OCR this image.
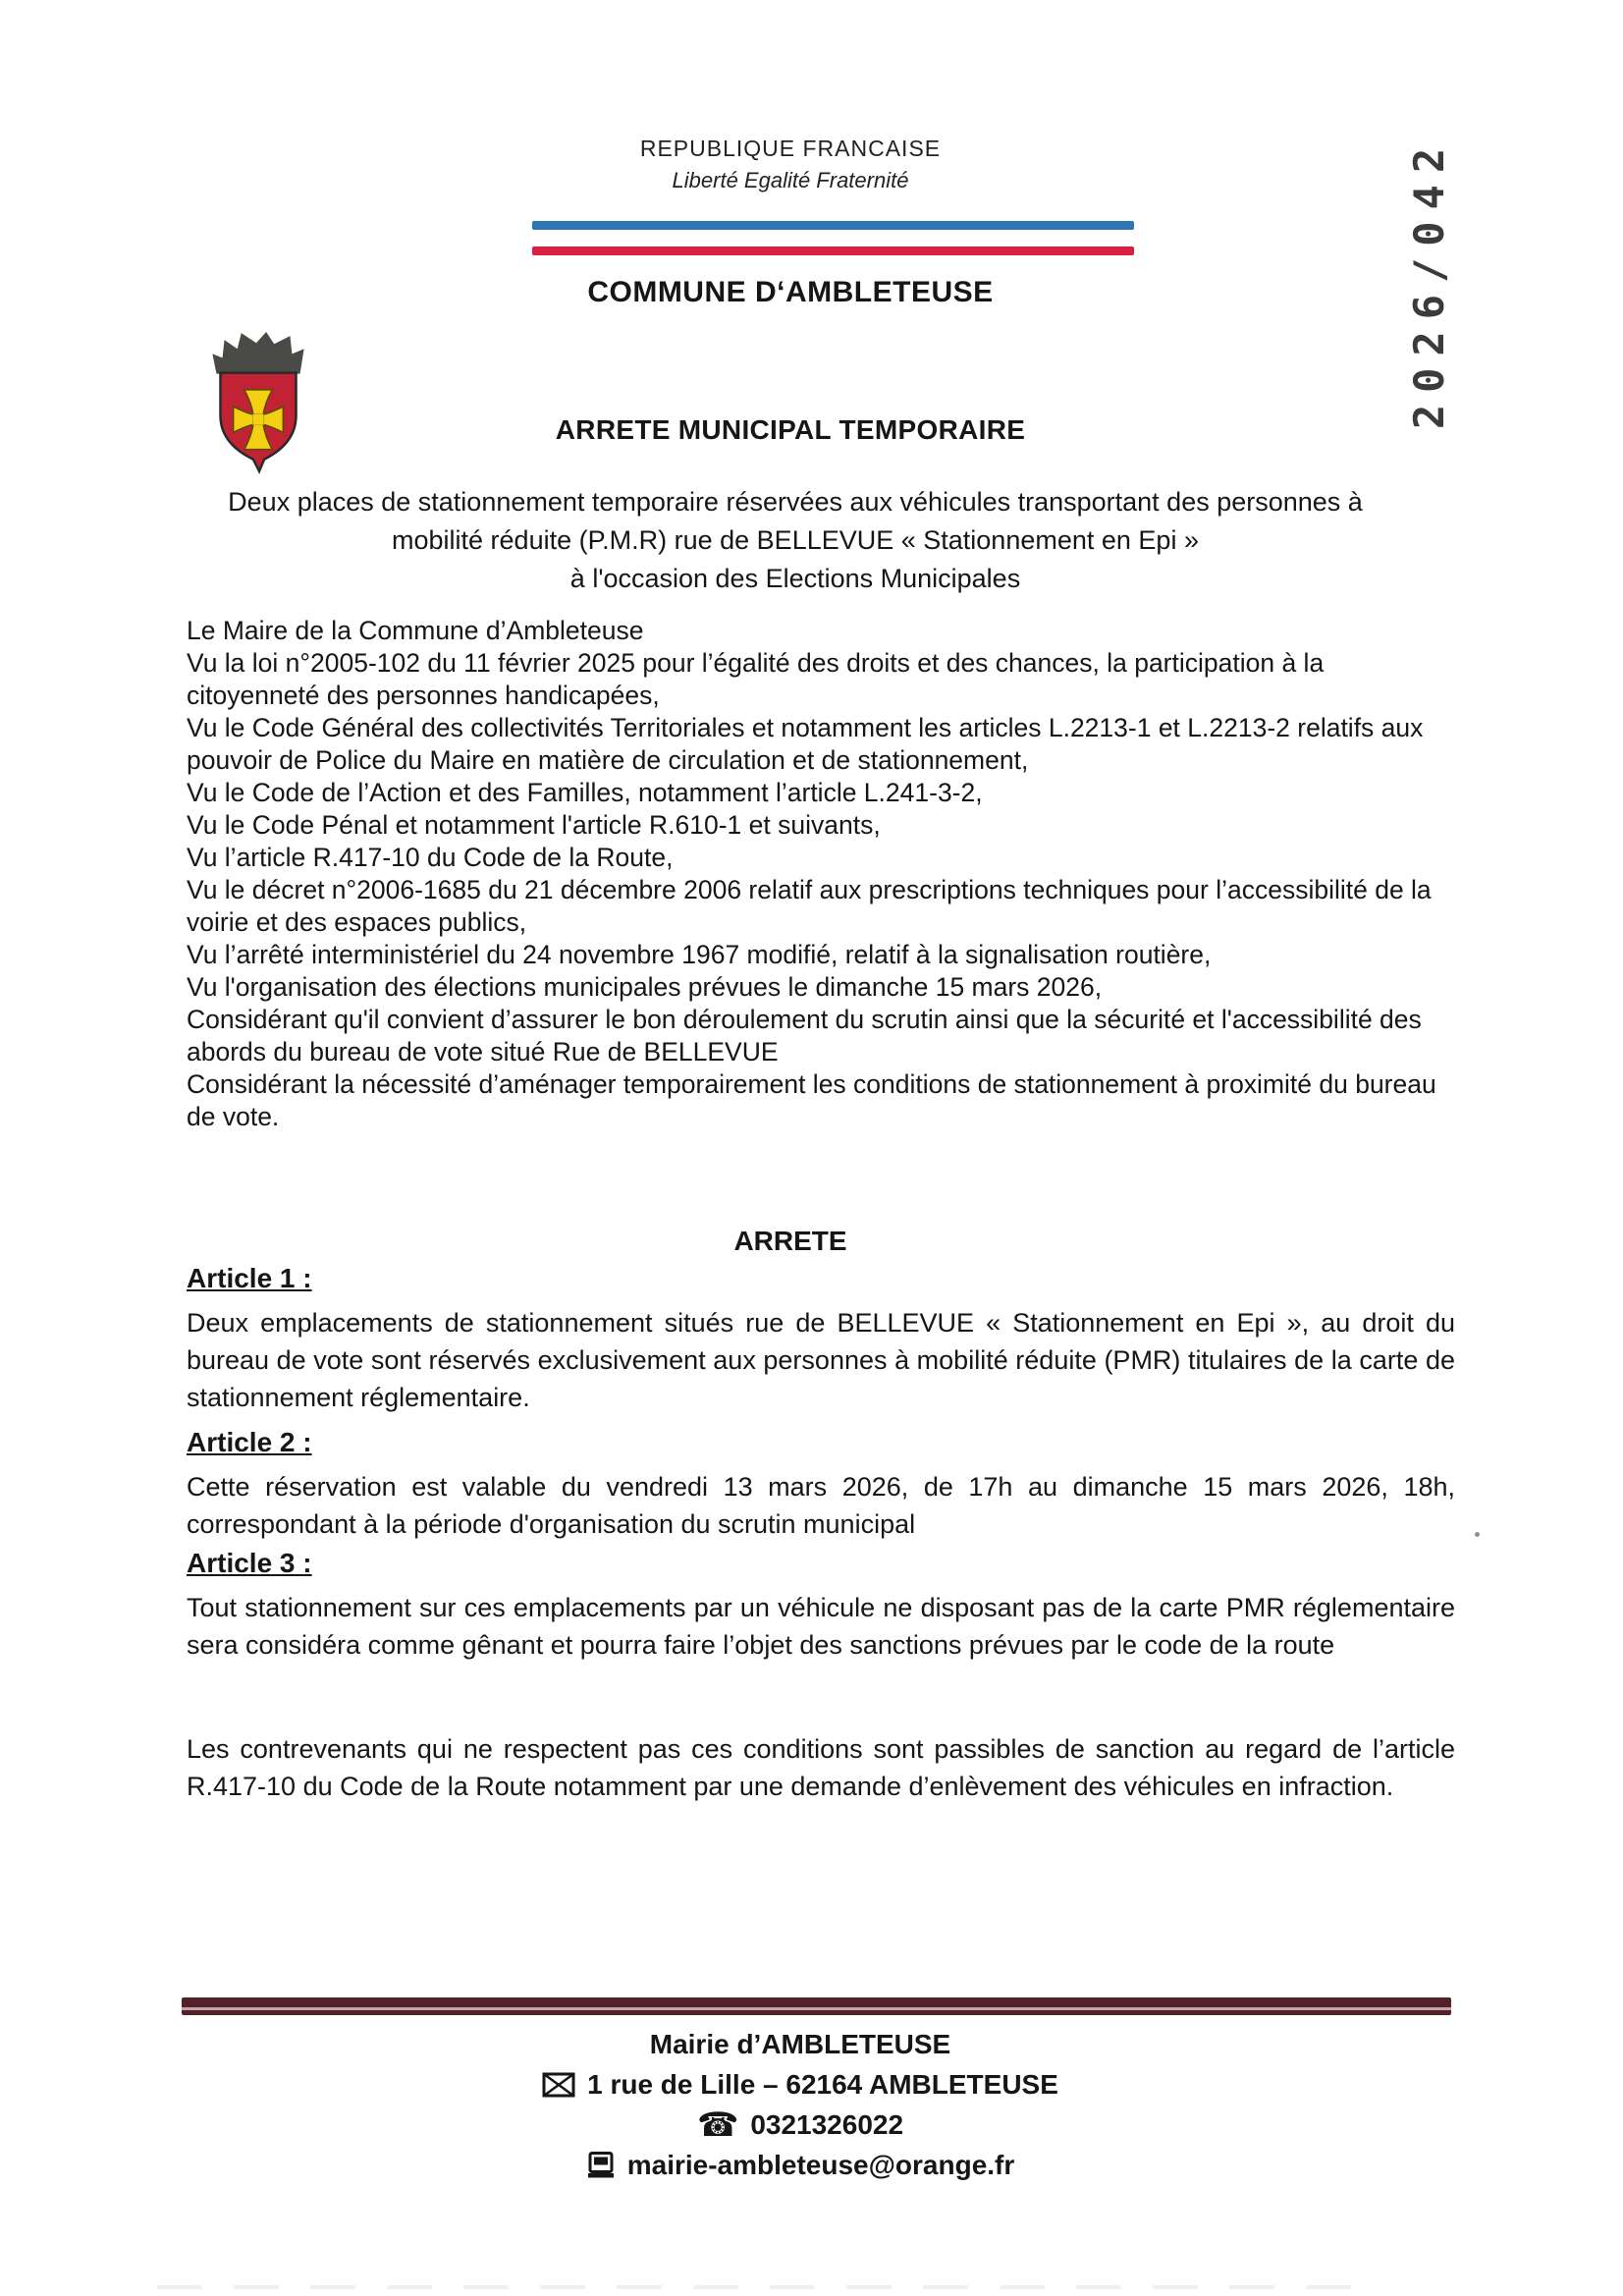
REPUBLIQUE FRANCAISE
Liberté Egalité Fraternité
COMMUNE D‘AMBLETEUSE	2026/042
ARRETE MUNICIPAL TEMPORAIRE
Deux places de stationnement temporaire réservées aux véhicules transportant des personnes à
mobilité réduite (P.M.R) rue de BELLEVUE « Stationnement en Epi »
à l'occasion des Elections Municipales

Le Maire de la Commune d’Ambleteuse

Vu la loi n°2005-102 du 11 février 2025 pour l’égalité des droits et des chances, la participation à la citoyenneté des personnes handicapées,

Vu le Code Général des collectivités Territoriales et notamment les articles L.2213-1 et L.2213-2 relatifs aux pouvoir de Police du Maire en matière de circulation et de stationnement,

Vu le Code de l’Action et des Familles, notamment l’article L.241-3-2,

Vu le Code Pénal et notamment l'article R.610-1 et suivants,

Vu l’article R.417-10 du Code de la Route,

Vu le décret n°2006-1685 du 21 décembre 2006 relatif aux prescriptions techniques pour l’accessibilité de la voirie et des espaces publics,

Vu l’arrêté interministériel du 24 novembre 1967 modifié, relatif à la signalisation routière,

Vu l'organisation des élections municipales prévues le dimanche 15 mars 2026,

Considérant qu'il convient d’assurer le bon déroulement du scrutin ainsi que la sécurité et l'accessibilité des abords du bureau de vote situé Rue de BELLEVUE

Considérant la nécessité d’aménager temporairement les conditions de stationnement à proximité du bureau de vote.

ARRETE
Article 1 :

Deux emplacements de stationnement situés rue de BELLEVUE « Stationnement en Epi », au droit du bureau de vote sont réservés exclusivement aux personnes à mobilité réduite (PMR) titulaires de la carte de stationnement réglementaire.

Article 2 :

Cette réservation est valable du vendredi 13 mars 2026, de 17h au dimanche 15 mars 2026, 18h, correspondant à la période d'organisation du scrutin municipal

Article 3 :

Tout stationnement sur ces emplacements par un véhicule ne disposant pas de la carte PMR réglementaire sera considéra comme gênant et pourra faire l’objet des sanctions prévues par le code de la route

Les contrevenants qui ne respectent pas ces conditions sont passibles de sanction au regard de l’article R.417-10 du Code de la Route notamment par une demande d’enlèvement des véhicules en infraction.

Mairie d’AMBLETEUSE
1 rue de Lille – 62164 AMBLETEUSE
☎ 0321326022
mairie-ambleteuse@orange.fr
